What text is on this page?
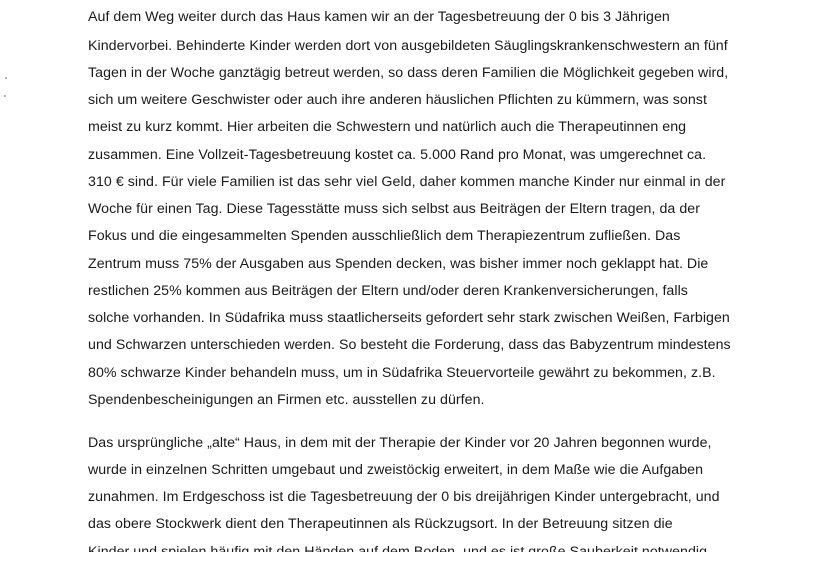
Auf dem Weg weiter durch das Haus kamen wir an der Tagesbetreuung der 0 bis 3 Jährigen
Kindervorbei. Behinderte Kinder werden dort von ausgebildeten Säuglingskrankenschwestern an fünf
Tagen in der Woche ganztägig betreut werden, so dass deren Familien die Möglichkeit gegeben wird,
sich um weitere Geschwister oder auch ihre anderen häuslichen Pflichten zu kümmern, was sonst
meist zu kurz kommt. Hier arbeiten die Schwestern und natürlich auch die Therapeutinnen eng
zusammen. Eine Vollzeit-Tagesbetreuung kostet ca. 5.000 Rand pro Monat, was umgerechnet ca.
310 € sind. Für viele Familien ist das sehr viel Geld, daher kommen manche Kinder nur einmal in der
Woche für einen Tag. Diese Tagesstätte muss sich selbst aus Beiträgen der Eltern tragen, da der
Fokus und die eingesammelten Spenden ausschließlich dem Therapiezentrum zufließen. Das
Zentrum muss 75% der Ausgaben aus Spenden decken, was bisher immer noch geklappt hat. Die
restlichen 25% kommen aus Beiträgen der Eltern und/oder deren Krankenversicherungen, falls
solche vorhanden. In Südafrika muss staatlicherseits gefordert sehr stark zwischen Weißen, Farbigen
und Schwarzen unterschieden werden. So besteht die Forderung, dass das Babyzentrum mindestens
80% schwarze Kinder behandeln muss, um in Südafrika Steuervorteile gewährt zu bekommen, z.B.
Spendenbescheinigungen an Firmen etc. ausstellen zu dürfen.
Das ursprüngliche „alte“ Haus, in dem mit der Therapie der Kinder vor 20 Jahren begonnen wurde,
wurde in einzelnen Schritten umgebaut und zweistöckig erweitert, in dem Maße wie die Aufgaben
zunahmen. Im Erdgeschoss ist die Tagesbetreuung der 0 bis dreijährigen Kinder untergebracht, und
das obere Stockwerk dient den Therapeutinnen als Rückzugsort. In der Betreuung sitzen die
